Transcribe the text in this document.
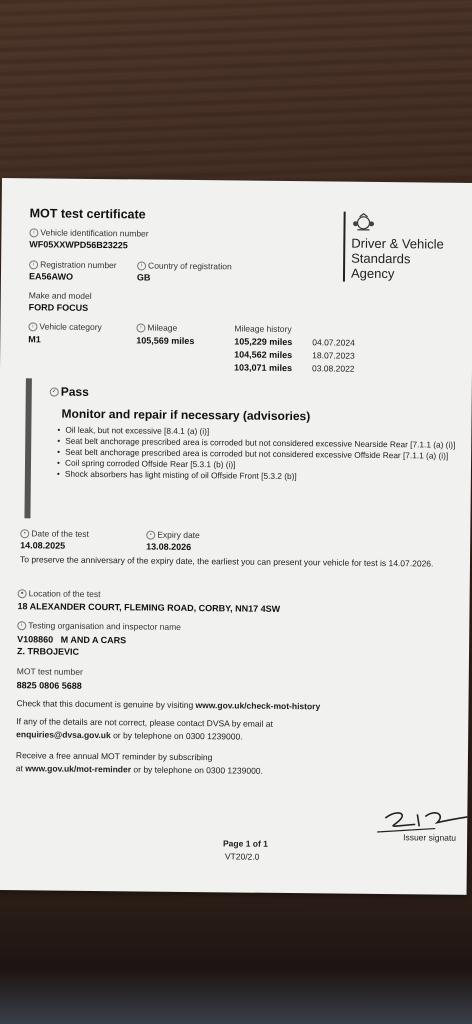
MOT test certificate
i Vehicle identification number
WF05XXWPD56B23225
i Registration number
EA56AWO
i Country of registration
GB
Make and model
FORD FOCUS
i Vehicle category
M1
i Mileage
105,569 miles
Mileage history
105,229 miles 04.07.2024
104,562 miles 18.07.2023
103,071 miles 03.08.2022
Driver & Vehicle
Standards
Agency
✓ Pass
Monitor and repair if necessary (advisories)
• Oil leak, but not excessive [8.4.1 (a) (i)]
• Seat belt anchorage prescribed area is corroded but not considered excessive Nearside Rear [7.1.1 (a) (i)]
• Seat belt anchorage prescribed area is corroded but not considered excessive Offside Rear [7.1.1 (a) (i)]
• Coil spring corroded Offside Rear [5.3.1 (b) (i)]
• Shock absorbers has light misting of oil Offside Front [5.3.2 (b)]
▪ Date of the test
14.08.2025
▪ Expiry date
13.08.2026
To preserve the anniversary of the expiry date, the earliest you can present your vehicle for test is 14.07.2026.
● Location of the test
18 ALEXANDER COURT, FLEMING ROAD, CORBY, NN17 4SW
i Testing organisation and inspector name
V108860   M AND A CARS
Z. TRBOJEVIC
MOT test number
8825 0806 5688
Check that this document is genuine by visiting www.gov.uk/check-mot-history
If any of the details are not correct, please contact DVSA by email at
enquiries@dvsa.gov.uk or by telephone on 0300 1239000.
Receive a free annual MOT reminder by subscribing
at www.gov.uk/mot-reminder or by telephone on 0300 1239000.
Issuer signatu
Page 1 of 1
VT20/2.0
